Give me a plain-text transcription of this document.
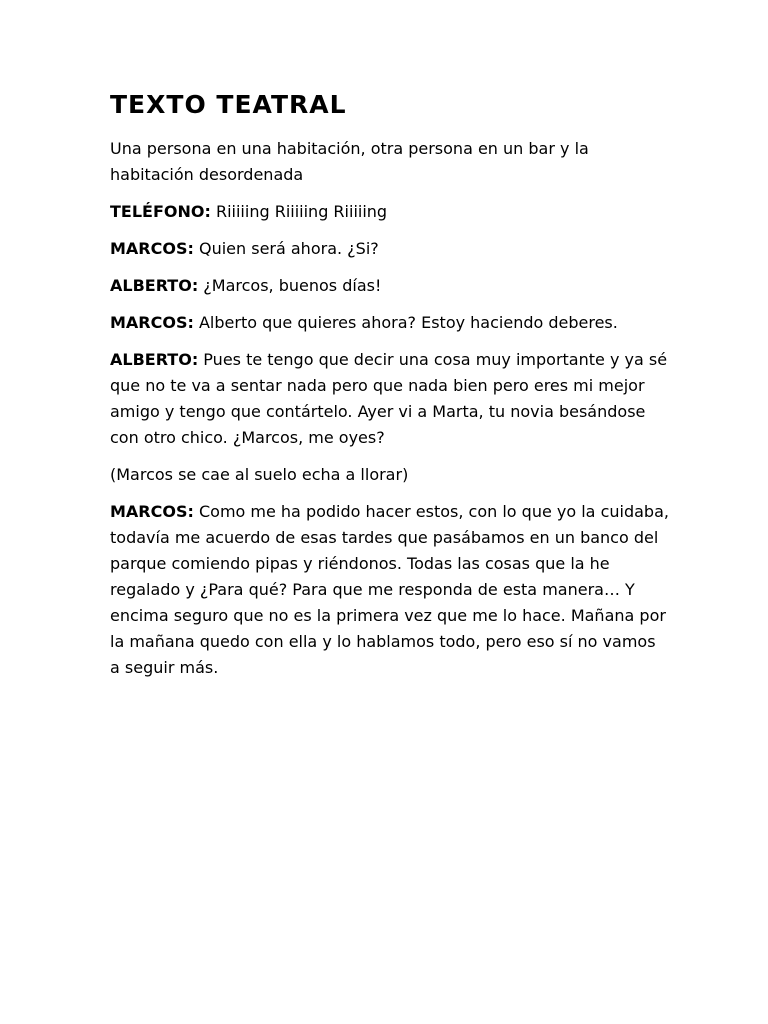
TEXTO TEATRAL

Una persona en una habitación, otra persona en un bar y la habitación desordenada

TELÉFONO: Riiiiing Riiiiing Riiiiing

MARCOS: Quien será ahora. ¿Si?

ALBERTO: ¿Marcos, buenos días!

MARCOS: Alberto que quieres ahora? Estoy haciendo deberes.

ALBERTO: Pues te tengo que decir una cosa muy importante y ya sé que no te va a sentar nada pero que nada bien pero eres mi mejor amigo y tengo que contártelo. Ayer vi a Marta, tu novia besándose con otro chico. ¿Marcos, me oyes?

(Marcos se cae al suelo echa a llorar)

MARCOS: Como me ha podido hacer estos, con lo que yo la cuidaba, todavía me acuerdo de esas tardes que pasábamos en un banco del parque comiendo pipas y riéndonos. Todas las cosas que la he regalado y ¿Para qué? Para que me responda de esta manera… Y encima seguro que no es la primera vez que me lo hace. Mañana por la mañana quedo con ella y lo hablamos todo, pero eso sí no vamos a seguir más.
